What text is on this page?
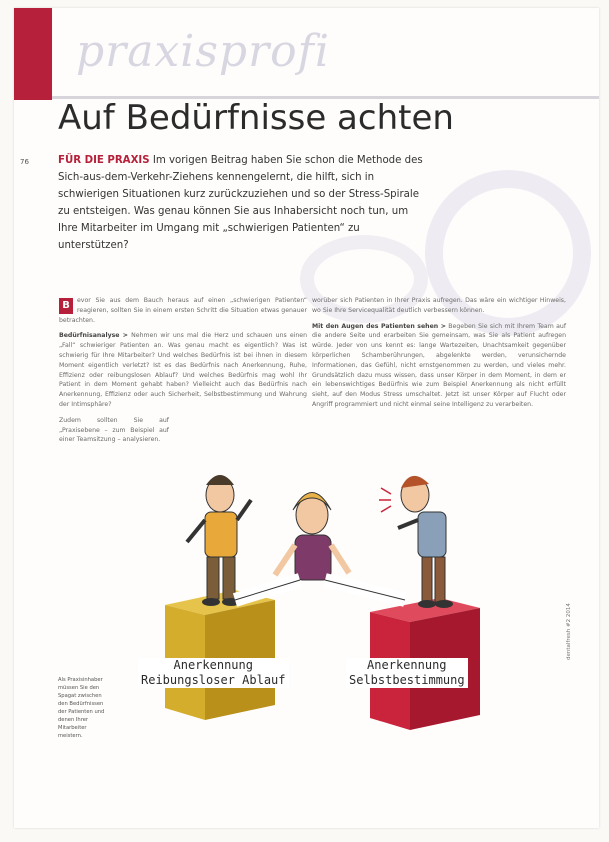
praxisprofi
76
Auf Bedürfnisse achten
FÜR DIE PRAXIS Im vorigen Beitrag haben Sie schon die Methode des Sich-aus-dem-Verkehr-Ziehens kennengelernt, die hilft, sich in schwierigen Situationen kurz zurückzuziehen und so der Stress-Spirale zu entsteigen. Was genau können Sie aus Inhabersicht noch tun, um Ihre Mitarbeiter im Umgang mit „schwierigen Patienten“ zu unterstützen?

B	evor Sie aus dem Bauch heraus auf einen „schwierigen Patienten“ reagieren, sollten Sie in einem ersten Schritt die Situation etwas genauer betrachten.

Bedürfnisanalyse > Nehmen wir uns mal die Herz und schauen uns einen „Fall“ schwieriger Patienten an. Was genau macht es eigentlich? Was ist schwierig für Ihre Mitarbeiter? Und welches Bedürfnis ist bei ihnen in diesem Moment eigentlich verletzt? Ist es das Bedürfnis nach Anerkennung, Ruhe, Effizienz oder reibungslosen Ablauf? Und welches Bedürfnis mag wohl Ihr Patient in dem Moment gehabt haben? Vielleicht auch das Bedürfnis nach Anerkennung, Effizienz oder auch Sicherheit, Selbstbestimmung und Wahrung der Intimsphäre?

Zudem sollten Sie auf „Praxisebene – zum Beispiel auf einer Teamsitzung – analysieren.

worüber sich Patienten in Ihrer Praxis aufregen. Das wäre ein wichtiger Hinweis, wo Sie Ihre Servicequalität deutlich verbessern können.

Mit den Augen des Patienten sehen > Begeben Sie sich mit Ihrem Team auf die andere Seite und erarbeiten Sie gemeinsam, was Sie als Patient aufregen würde. Jeder von uns kennt es: lange Wartezeiten, Unachtsamkeit gegenüber körperlichen Schamberührungen, abgelenkte werden, verunsichernde Informationen, das Gefühl, nicht ernstgenommen zu werden, und vieles mehr. Grundsätzlich dazu muss wissen, dass unser Körper in dem Moment, in dem er ein lebenswichtiges Bedürfnis wie zum Beispiel Anerkennung als nicht erfüllt sieht, auf den Modus Stress umschaltet. Jetzt ist unser Körper auf Flucht oder Angriff programmiert und nicht einmal seine Intelligenz zu verarbeiten.

Anerkennung
Reibungsloser Ablauf
Anerkennung
Selbstbestimmung
Als Praxisinhaber müssen Sie den Spagat zwischen den Bedürfnissen der Patienten und denen Ihrer Mitarbeiter meistern.
dentalfresh #2 2014
